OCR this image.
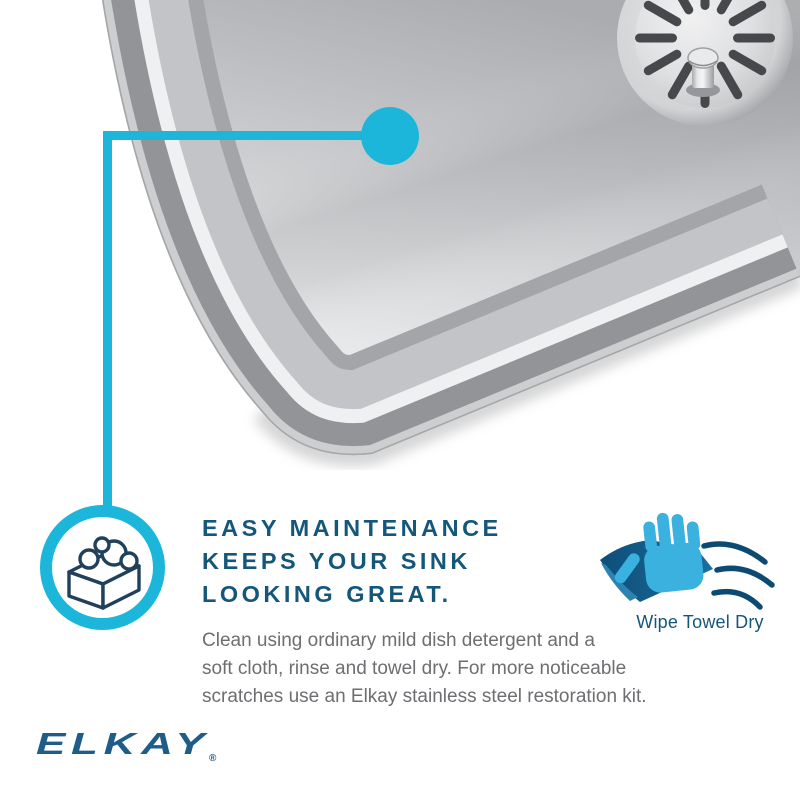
EASY MAINTENANCE
KEEPS YOUR SINK
LOOKING GREAT.
Clean using ordinary mild dish detergent and a
soft cloth, rinse and towel dry. For more noticeable
scratches use an Elkay stainless steel restoration kit.
Wipe Towel Dry
ELKAY
®
